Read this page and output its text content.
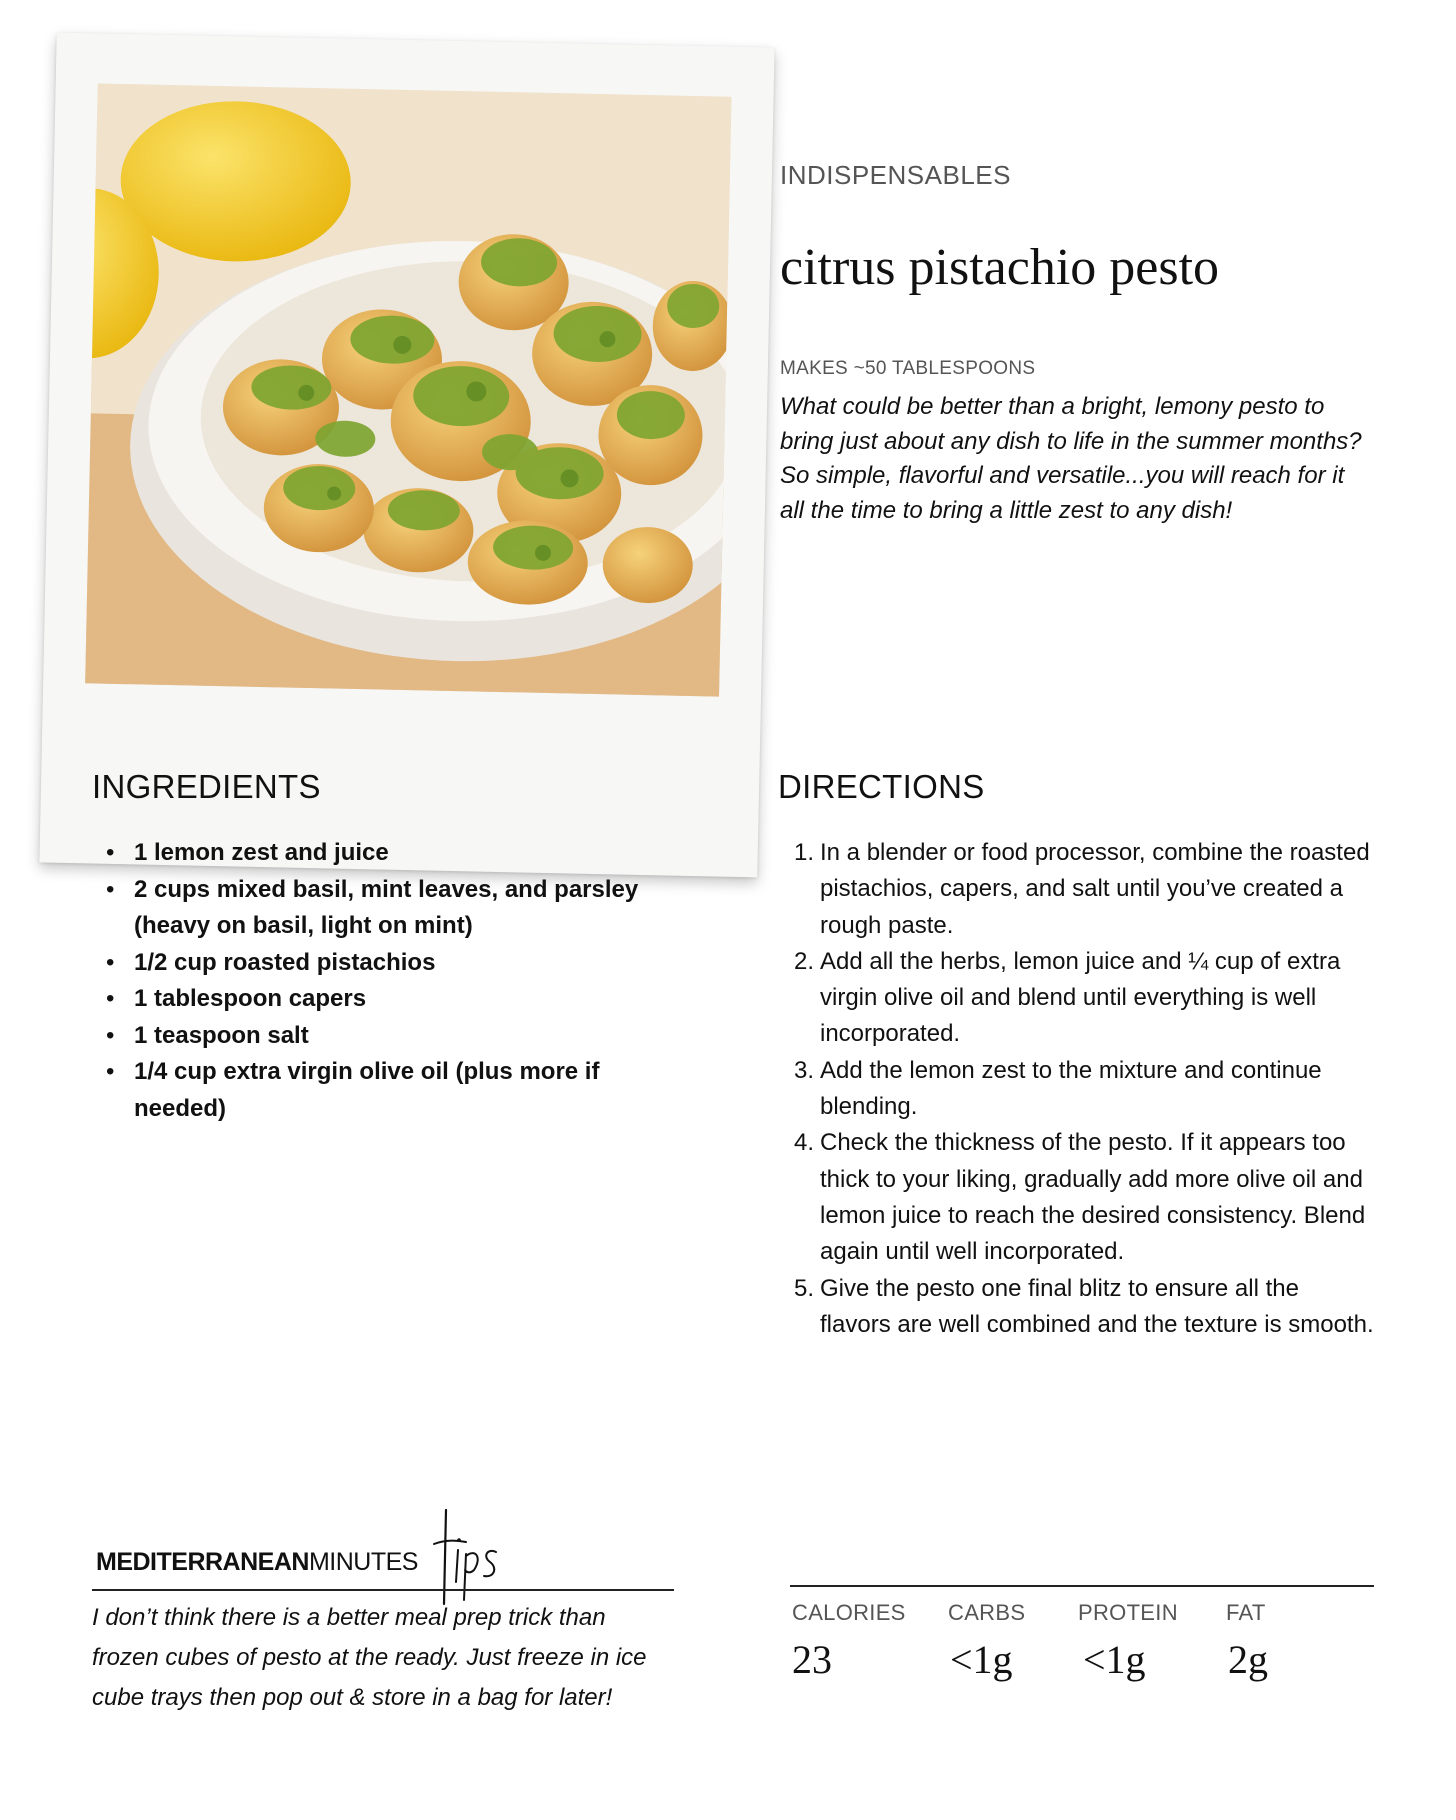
INDISPENSABLES
citrus pistachio pesto
MAKES ~50 TABLESPOONS
What could be better than a bright, lemony pesto to bring just about any dish to life in the summer months? So simple, flavorful and versatile...you will reach for it all the time to bring a little zest to any dish!
INGREDIENTS
• 1 lemon zest and juice
• 2 cups mixed basil, mint leaves, and parsley (heavy on basil, light on mint)
• 1/2 cup roasted pistachios
• 1 tablespoon capers
• 1 teaspoon salt
• 1/4 cup extra virgin olive oil (plus more if needed)
DIRECTIONS
1. In a blender or food processor, combine the roasted pistachios, capers, and salt until you’ve created a rough paste.
2. Add all the herbs, lemon juice and ¼ cup of extra virgin olive oil and blend until everything is well incorporated.
3. Add the lemon zest to the mixture and continue blending.
4. Check the thickness of the pesto. If it appears too thick to your liking, gradually add more olive oil and lemon juice to reach the desired consistency. Blend again until well incorporated.
5. Give the pesto one final blitz to ensure all the flavors are well combined and the texture is smooth.
MEDITERRANEANMINUTES
I don’t think there is a better meal prep trick than frozen cubes of pesto at the ready. Just freeze in ice cube trays then pop out & store in a bag for later!
CALORIES
23
CARBS
<1g
PROTEIN
<1g
FAT
2g
